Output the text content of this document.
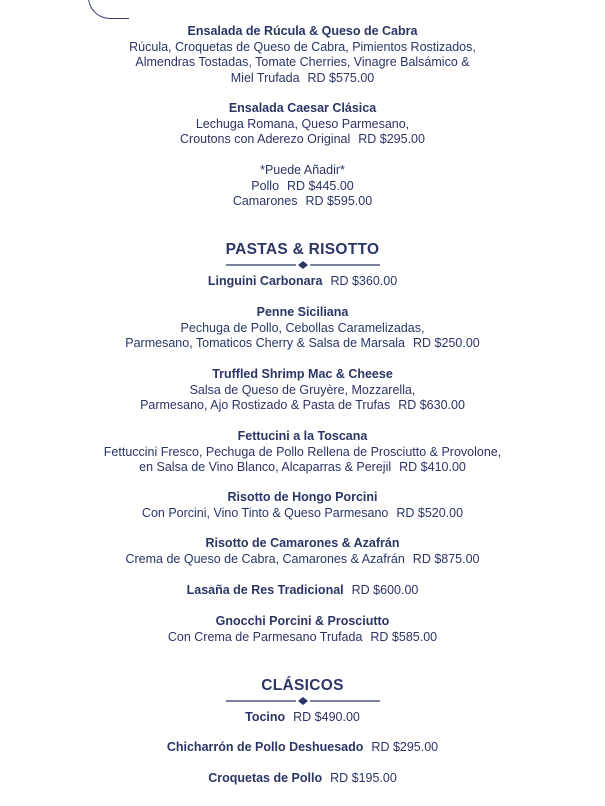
Ensalada de Rúcula & Queso de Cabra
Rúcula, Croquetas de Queso de Cabra, Pimientos Rostizados,
Almendras Tostadas, Tomate Cherries, Vinagre Balsámico &
Miel Trufada RD $575.00
Ensalada Caesar Clásica
Lechuga Romana, Queso Parmesano,
Croutons con Aderezo Original RD $295.00
*Puede Añadir*
Pollo RD $445.00
Camarones RD $595.00
PASTAS & RISOTTO
Linguini Carbonara RD $360.00
Penne Siciliana
Pechuga de Pollo, Cebollas Caramelizadas,
Parmesano, Tomaticos Cherry & Salsa de Marsala RD $250.00
Truffled Shrimp Mac & Cheese
Salsa de Queso de Gruyère, Mozzarella,
Parmesano, Ajo Rostizado & Pasta de Trufas RD $630.00
Fettucini a la Toscana
Fettuccini Fresco, Pechuga de Pollo Rellena de Prosciutto & Provolone,
en Salsa de Vino Blanco, Alcaparras & Perejil RD $410.00
Risotto de Hongo Porcini
Con Porcini, Vino Tinto & Queso Parmesano RD $520.00
Risotto de Camarones & Azafrán
Crema de Queso de Cabra, Camarones & Azafrán RD $875.00
Lasaña de Res Tradicional RD $600.00
Gnocchi Porcini & Prosciutto
Con Crema de Parmesano Trufada RD $585.00
CLÁSICOS
Tocino RD $490.00
Chicharrón de Pollo Deshuesado RD $295.00
Croquetas de Pollo RD $195.00
